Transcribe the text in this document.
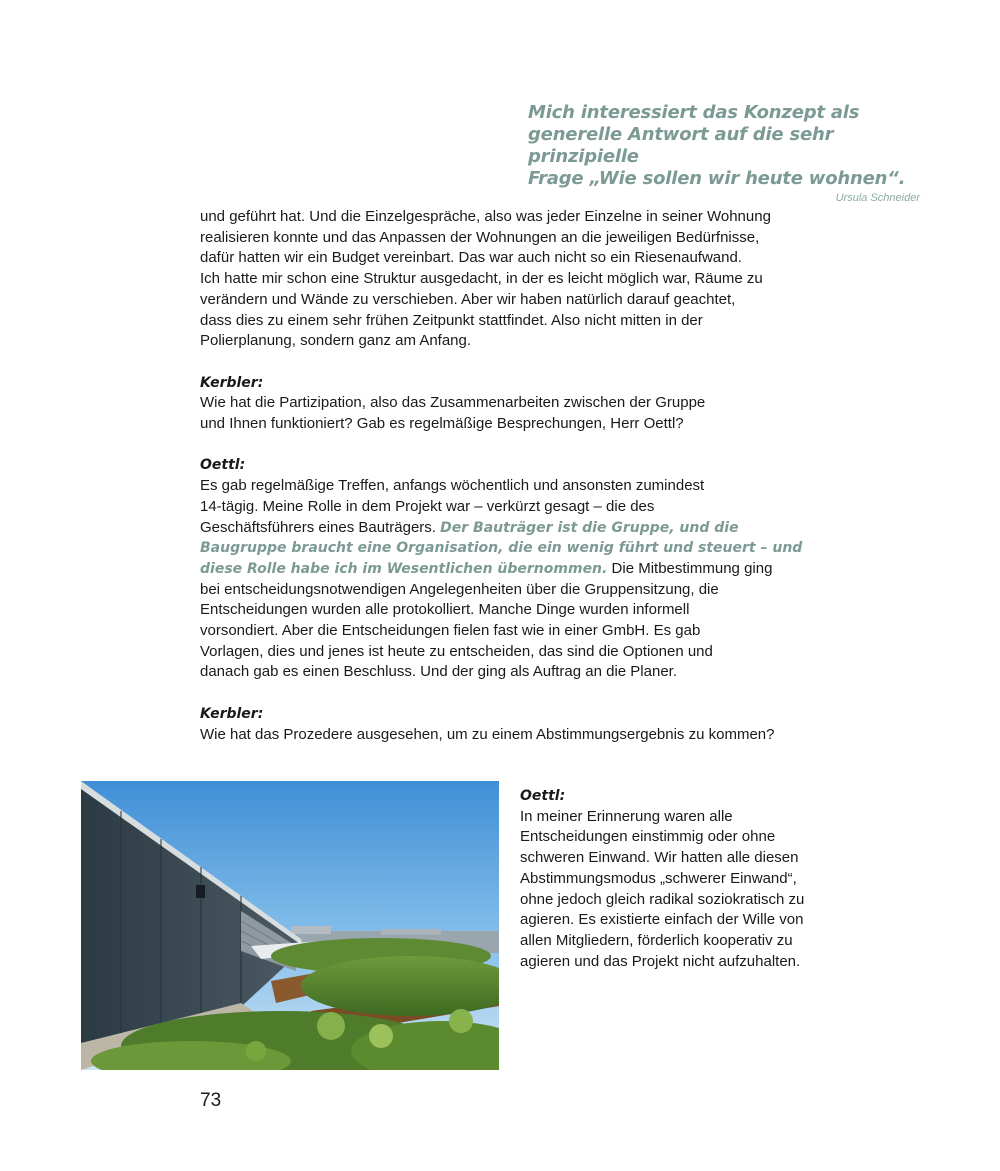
Mich interessiert das Konzept als
generelle Antwort auf die sehr prinzipielle
Frage „Wie sollen wir heute wohnen“.

Ursula Schneider

und geführt hat. Und die Einzelgespräche, also was jeder Einzelne in seiner Wohnung
realisieren konnte und das Anpassen der Wohnungen an die jeweiligen Bedürfnisse,
dafür hatten wir ein Budget vereinbart. Das war auch nicht so ein Riesenaufwand.
Ich hatte mir schon eine Struktur ausgedacht, in der es leicht möglich war, Räume zu
verändern und Wände zu verschieben. Aber wir haben natürlich darauf geachtet,
dass dies zu einem sehr frühen Zeitpunkt stattfindet. Also nicht mitten in der
Polierplanung, sondern ganz am Anfang.

Kerbler:

Wie hat die Partizipation, also das Zusammenarbeiten zwischen der Gruppe
und Ihnen funktioniert? Gab es regelmäßige Besprechungen, Herr Oettl?

Oettl:

Es gab regelmäßige Treffen, anfangs wöchentlich und ansonsten zumindest
14-tägig. Meine Rolle in dem Projekt war – verkürzt gesagt – die des
Geschäftsführers eines Bauträgers. Der Bauträger ist die Gruppe, und die
Baugruppe braucht eine Organisation, die ein wenig führt und steuert – und
diese Rolle habe ich im Wesentlichen übernommen. Die Mitbestimmung ging
bei entscheidungsnotwendigen Angelegenheiten über die Gruppensitzung, die
Entscheidungen wurden alle protokolliert. Manche Dinge wurden informell
vorsondiert. Aber die Entscheidungen fielen fast wie in einer GmbH. Es gab
Vorlagen, dies und jenes ist heute zu entscheiden, das sind die Optionen und
danach gab es einen Beschluss. Und der ging als Auftrag an die Planer.

Kerbler:

Wie hat das Prozedere ausgesehen, um zu einem Abstimmungsergebnis zu kommen?

Oettl:

In meiner Erinnerung waren alle
Entscheidungen einstimmig oder ohne
schweren Einwand. Wir hatten alle diesen
Abstimmungsmodus „schwerer Einwand“,
ohne jedoch gleich radikal soziokratisch zu
agieren. Es existierte einfach der Wille von
allen Mitgliedern, förderlich kooperativ zu
agieren und das Projekt nicht aufzuhalten.

73
